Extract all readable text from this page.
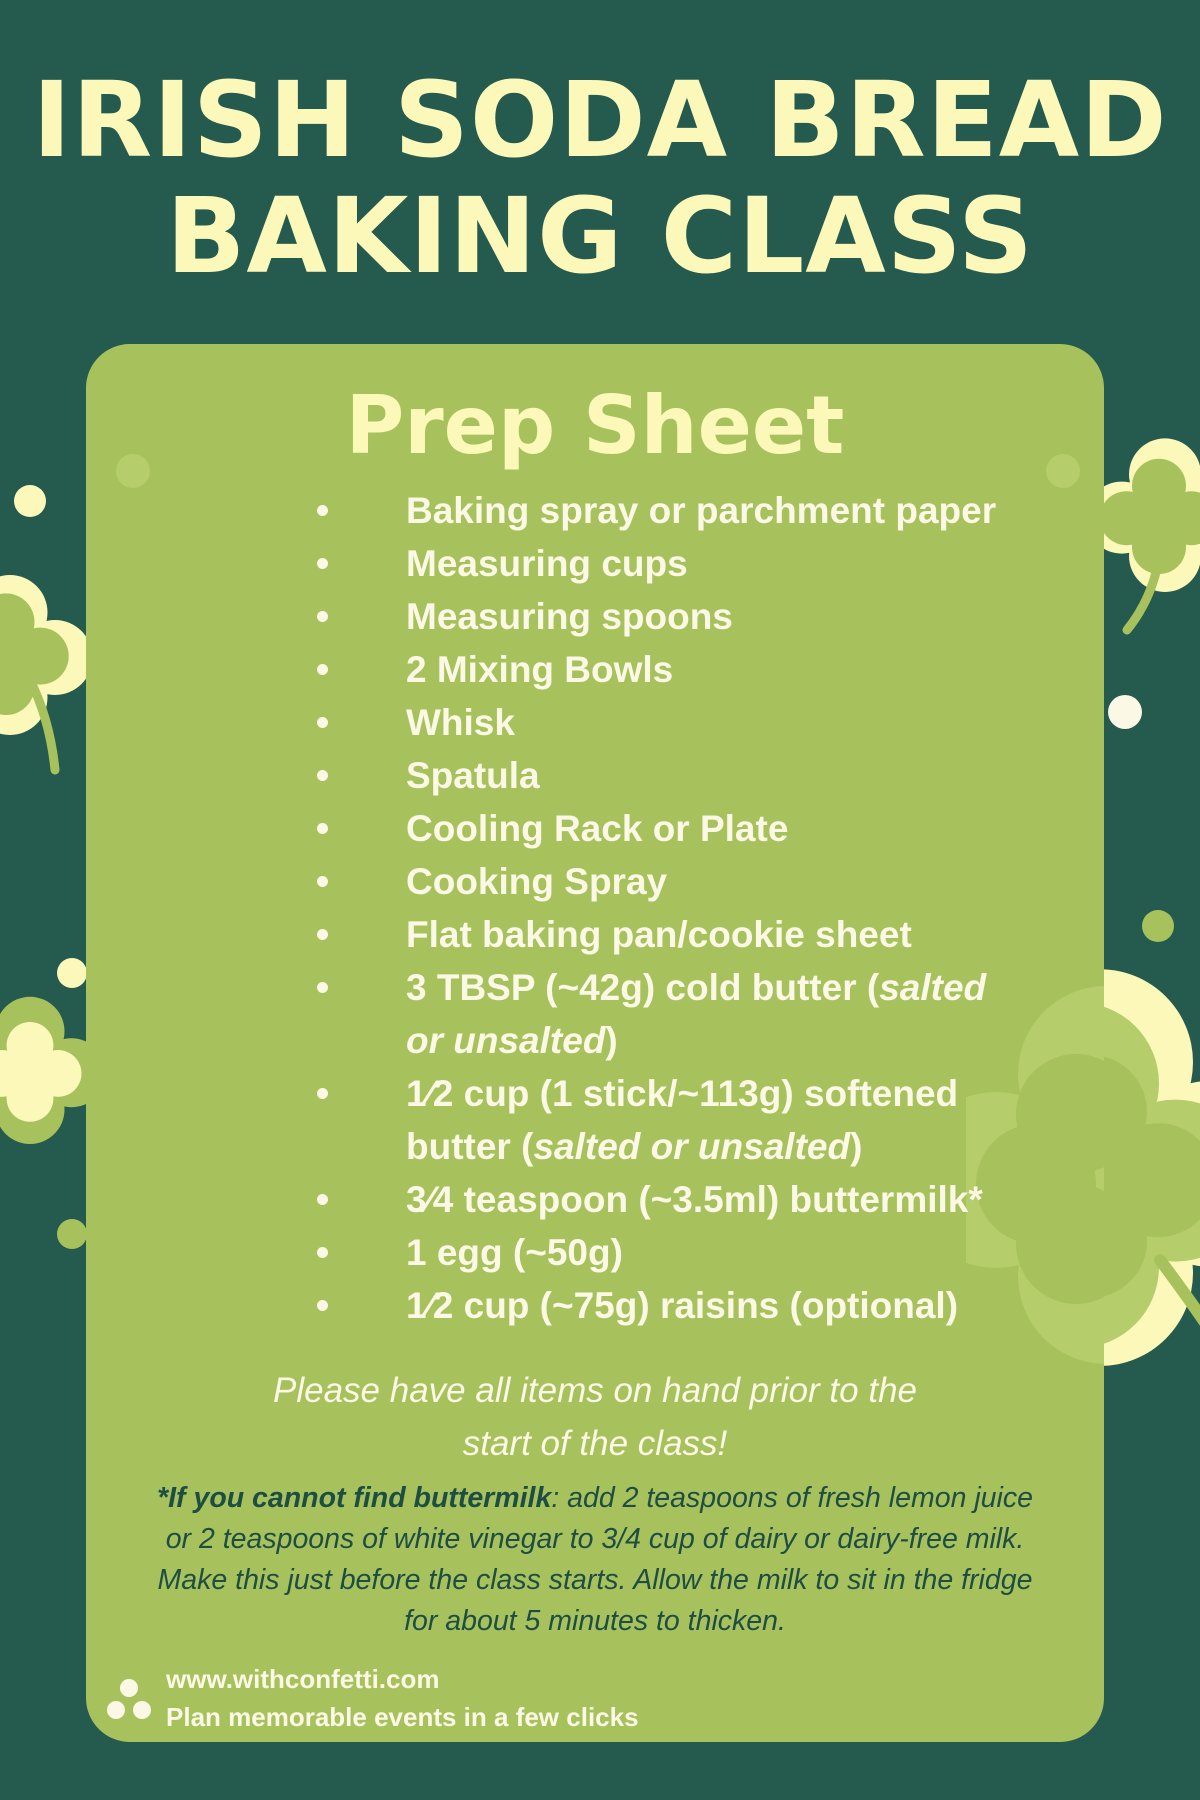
IRISH SODA BREAD
BAKING CLASS
Prep Sheet
Baking spray or parchment paper
Measuring cups
Measuring spoons
2 Mixing Bowls
Whisk
Spatula
Cooling Rack or Plate
Cooking Spray
Flat baking pan/cookie sheet
3 TBSP (~42g) cold butter (salted
or unsalted)
1⁄2 cup (1 stick/~113g) softened
butter (salted or unsalted)
3⁄4 teaspoon (~3.5ml) buttermilk*
1 egg (~50g)
1⁄2 cup (~75g) raisins (optional)
Please have all items on hand prior to the
start of the class!
*If you cannot find buttermilk: add 2 teaspoons of fresh lemon juice
or 2 teaspoons of white vinegar to 3/4 cup of dairy or dairy-free milk.
Make this just before the class starts. Allow the milk to sit in the fridge
for about 5 minutes to thicken.
www.withconfetti.com
Plan memorable events in a few clicks
